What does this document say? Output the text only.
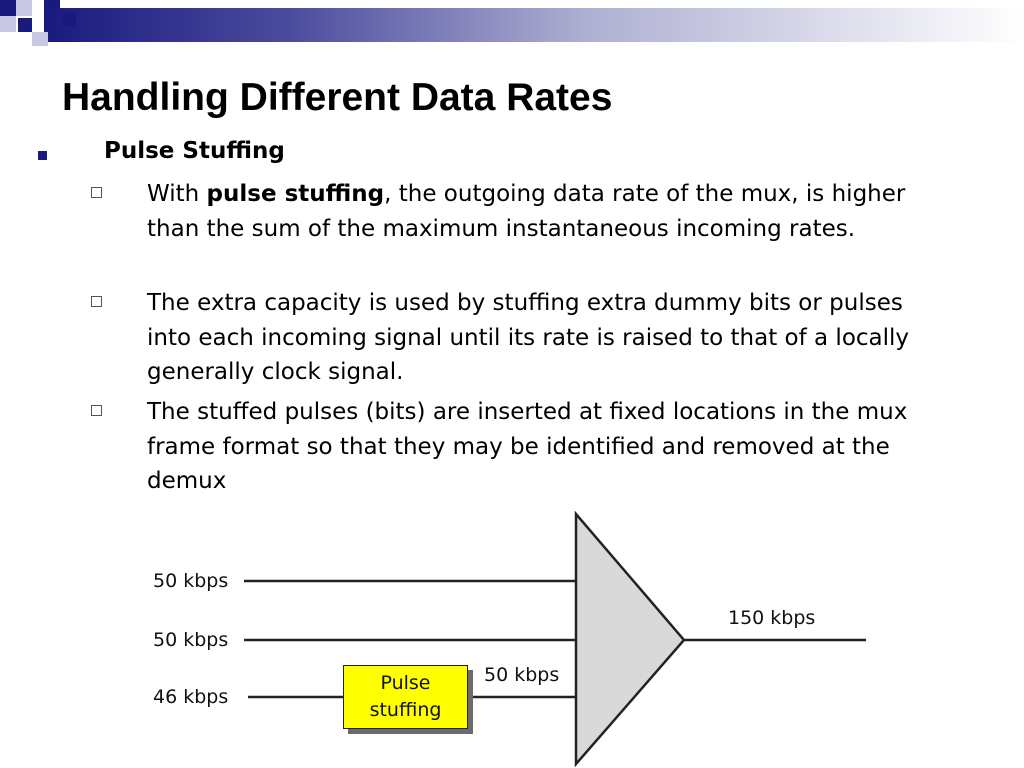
Handling Different Data Rates

Pulse Stuffing

With pulse stuffing, the outgoing data rate of the mux, is higher than the sum of the maximum instantaneous incoming rates.

The extra capacity is used by stuffing extra dummy bits or pulses into each incoming signal until its rate is raised to that of a locally generally clock signal.

The stuffed pulses (bits) are inserted at fixed locations in the mux frame format so that they may be identified and removed at the demux

50 kbps
50 kbps
46 kbps
50 kbps
150 kbps
Pulse
stuffing
